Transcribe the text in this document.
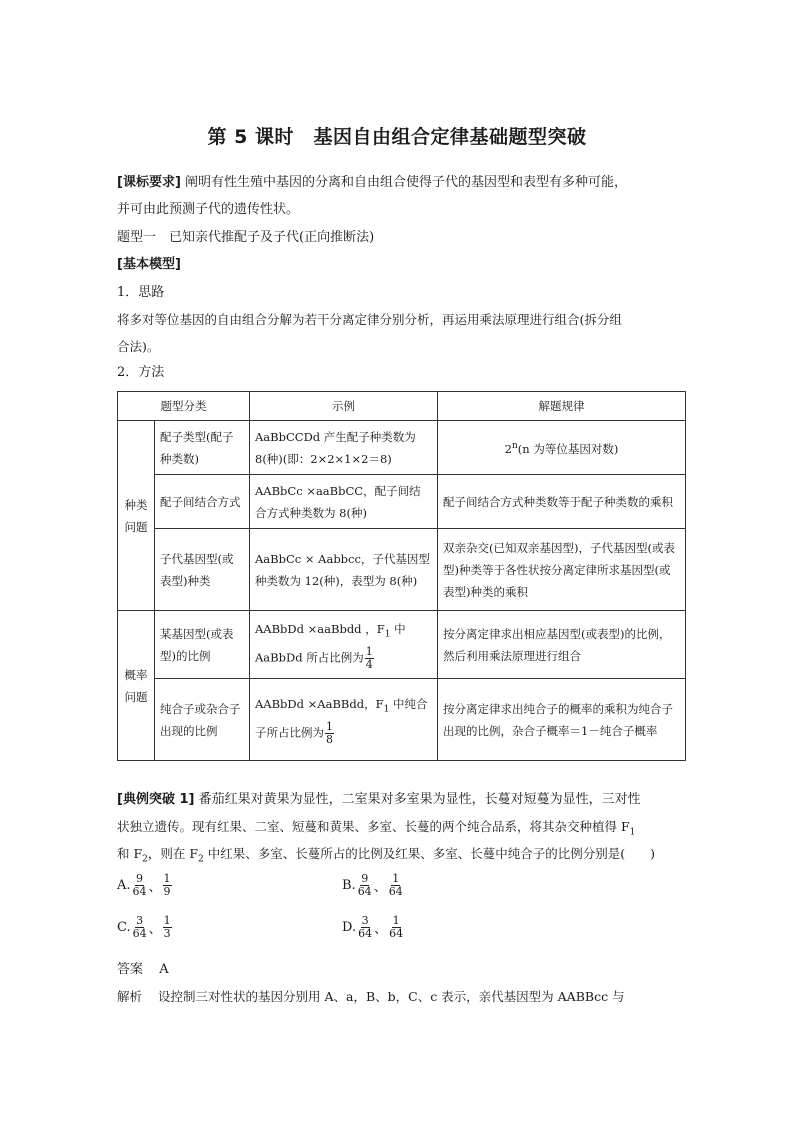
第 5 课时　基因自由组合定律基础题型突破
[课标要求] 阐明有性生殖中基因的分离和自由组合使得子代的基因型和表型有多种可能，
并可由此预测子代的遗传性状。
题型一　已知亲代推配子及子代(正向推断法)
[基本模型]
1．思路
将多对等位基因的自由组合分解为若干分离定律分别分析，再运用乘法原理进行组合(拆分组
合法)。
2．方法
题型分类		示例	解题规律
种类问题	配子类型(配子种类数)	AaBbCCDd 产生配子种类数为 8(种)(即：2×2×1×2＝8)	2$^n$(n 为等位基因对数)
	配子间结合方式	AABbCc ×aaBbCC，配子间结合方式种类数为 8(种)	配子间结合方式种类数等于配子种类数的乘积
	子代基因型(或表型)种类	AaBbCc × Aabbcc，子代基因型种类数为 12(种)，表型为 8(种)	双亲杂交(已知双亲基因型)，子代基因型(或表型)种类等于各性状按分离定律所求基因型(或表型)种类的乘积
概率问题	某基因型(或表型)的比例	AABbDd ×aaBbdd ，$F_1$ 中 AaBbDd 所占比例为 $\frac{1}{4}$	按分离定律求出相应基因型(或表型)的比例，然后利用乘法原理进行组合
	纯合子或杂合子出现的比例	AABbDd ×AaBBdd，$F_1$ 中纯合子所占比例为 $\frac{1}{8}$	按分离定律求出纯合子的概率的乘积为纯合子出现的比例，杂合子概率＝1－纯合子概率
[典例突破 1] 番茄红果对黄果为显性，二室果对多室果为显性，长蔓对短蔓为显性，三对性
状独立遗传。现有红果、二室、短蔓和黄果、多室、长蔓的两个纯合品系，将其杂交种植得 $F_1$
和 $F_2$，则在 $F_2$ 中红果、多室、长蔓所占的比例及红果、多室、长蔓中纯合子的比例分别是(　　)
A. $\frac{9}{64}$ 、 $\frac{1}{9}$	B. $\frac{9}{64}$ 、 $\frac{1}{64}$
C. $\frac{3}{64}$ 、 $\frac{1}{3}$	D. $\frac{3}{64}$ 、 $\frac{1}{64}$
答案 A
解析 设控制三对性状的基因分别用 A、a，B、b，C、c 表示，亲代基因型为 AABBcc 与
